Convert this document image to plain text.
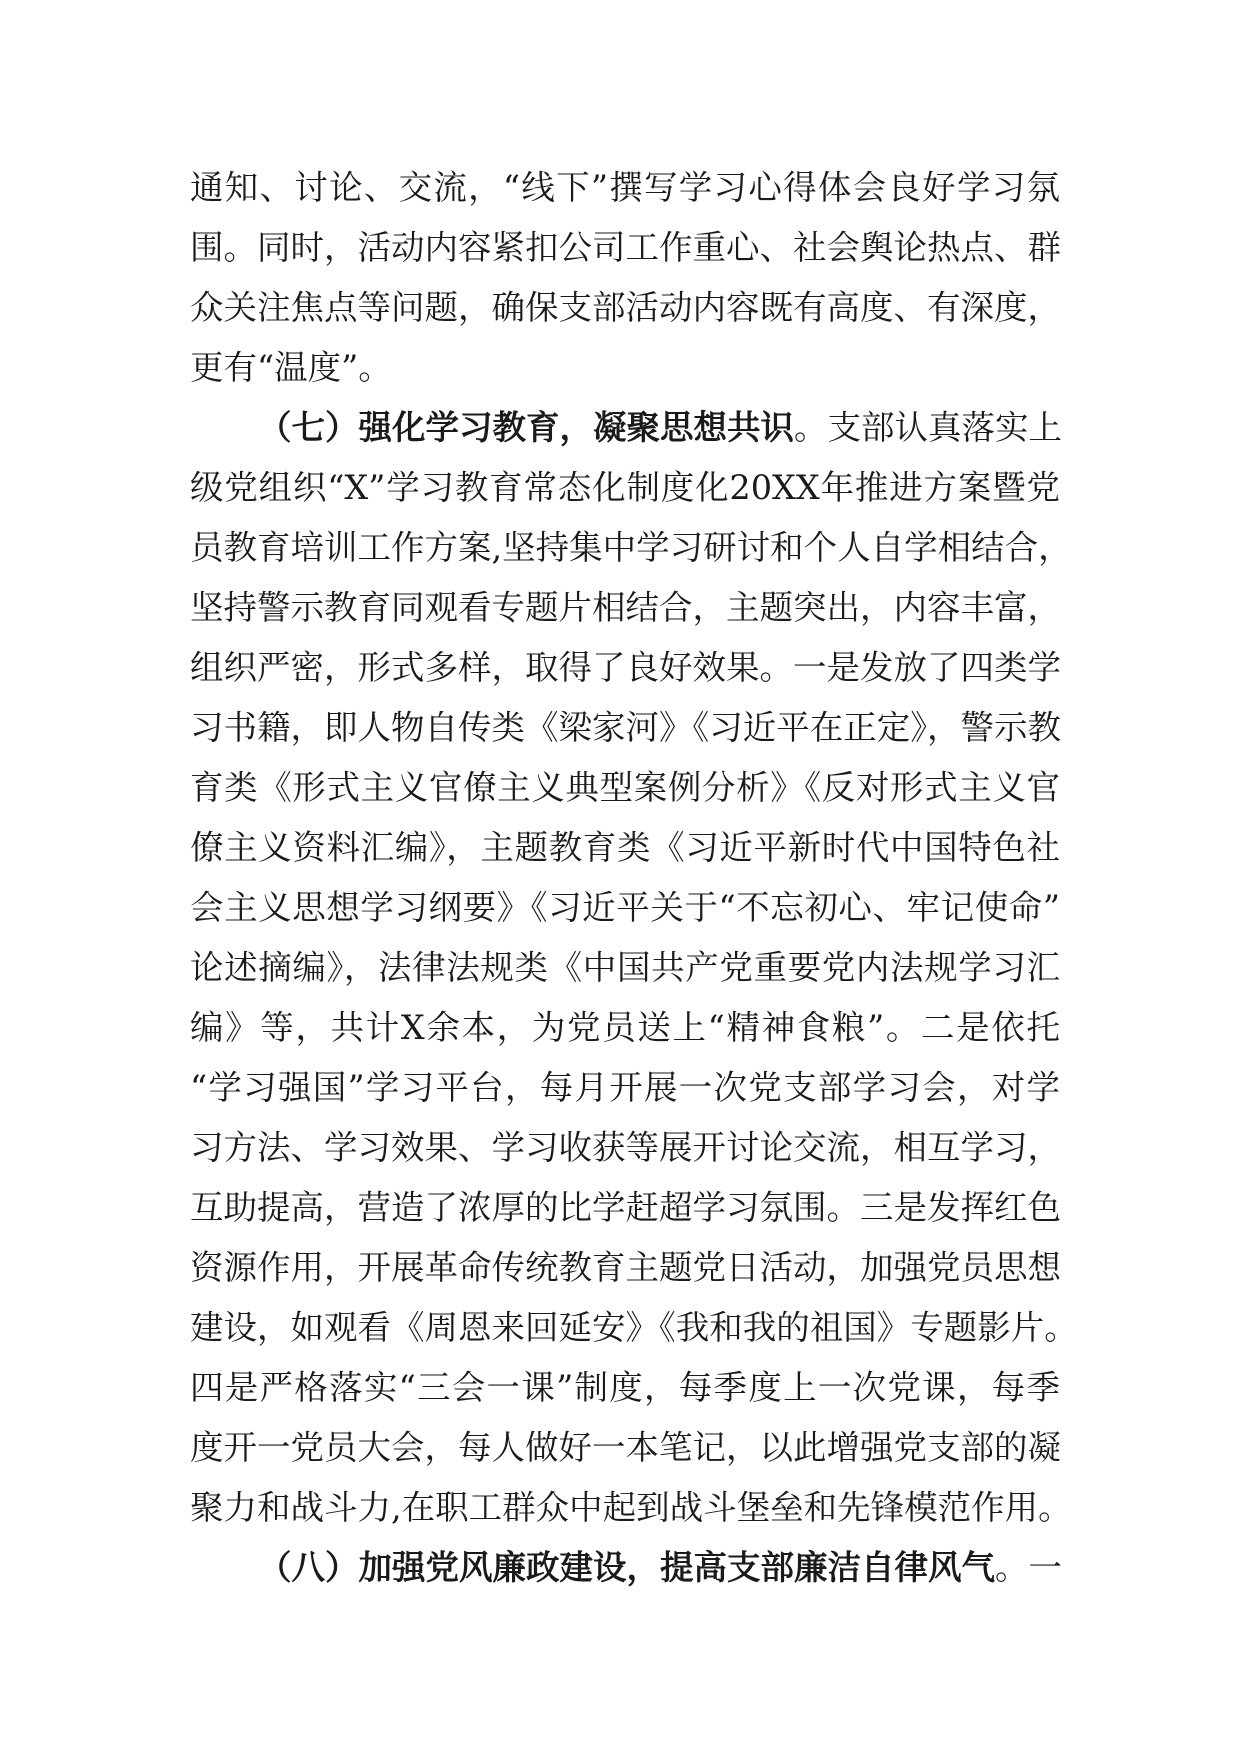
通知、讨论、交流，“线下”撰写学习心得体会良好学习氛
围。同时，活动内容紧扣公司工作重心、社会舆论热点、群
众关注焦点等问题，确保支部活动内容既有高度、有深度，
更有“温度”。
（七）强化学习教育，凝聚思想共识。支部认真落实上
级党组织“X”学习教育常态化制度化20XX年推进方案暨党
员教育培训工作方案,坚持集中学习研讨和个人自学相结合，
坚持警示教育同观看专题片相结合，主题突出，内容丰富，
组织严密，形式多样，取得了良好效果。一是发放了四类学
习书籍，即人物自传类《梁家河》《习近平在正定》，警示教
育类《形式主义官僚主义典型案例分析》《反对形式主义官
僚主义资料汇编》，主题教育类《习近平新时代中国特色社
会主义思想学习纲要》《习近平关于“不忘初心、牢记使命”
论述摘编》，法律法规类《中国共产党重要党内法规学习汇
编》等，共计X余本，为党员送上“精神食粮”。二是依托
“学习强国”学习平台，每月开展一次党支部学习会，对学
习方法、学习效果、学习收获等展开讨论交流，相互学习，
互助提高，营造了浓厚的比学赶超学习氛围。三是发挥红色
资源作用，开展革命传统教育主题党日活动，加强党员思想
建设，如观看《周恩来回延安》《我和我的祖国》专题影片。
四是严格落实“三会一课”制度，每季度上一次党课，每季
度开一党员大会，每人做好一本笔记，以此增强党支部的凝
聚力和战斗力,在职工群众中起到战斗堡垒和先锋模范作用。
（八）加强党风廉政建设，提高支部廉洁自律风气。一
